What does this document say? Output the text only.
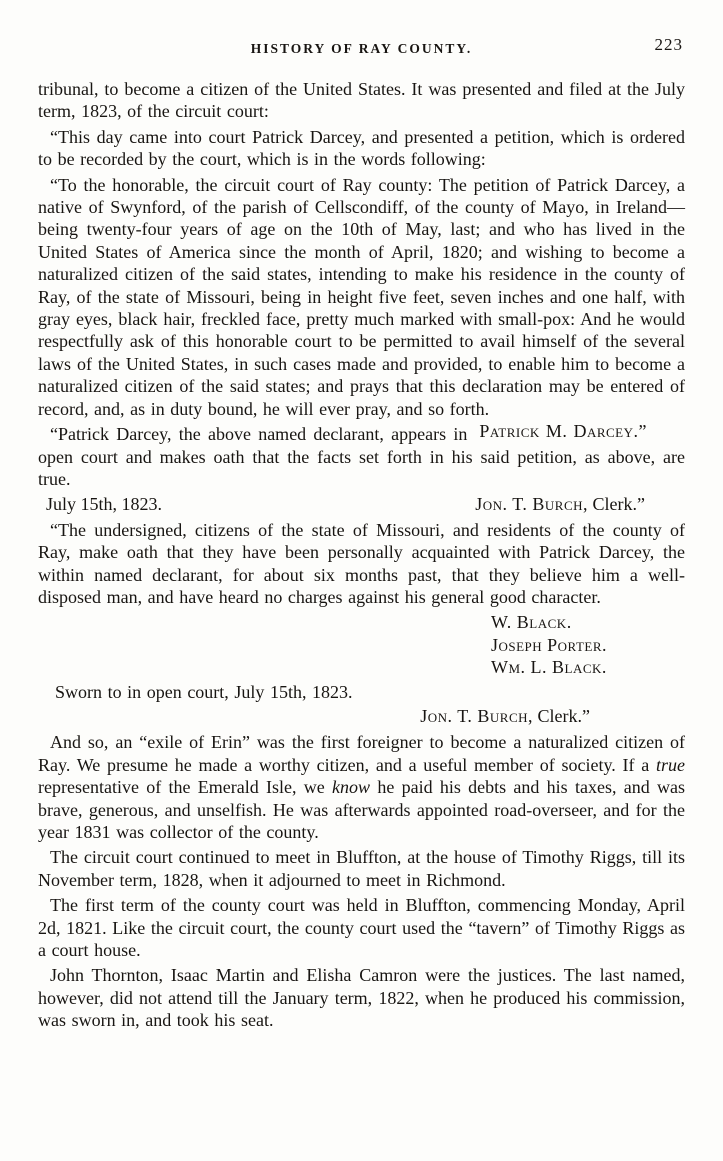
HISTORY OF RAY COUNTY.	223

tribunal, to become a citizen of the United States. It was presented and filed at the July term, 1823, of the circuit court:

“This day came into court Patrick Darcey, and presented a petition, which is ordered to be recorded by the court, which is in the words following:

“To the honorable, the circuit court of Ray county: The petition of Patrick Darcey, a native of Swynford, of the parish of Cellscondiff, of the county of Mayo, in Ireland—being twenty-four years of age on the 10th of May, last; and who has lived in the United States of America since the month of April, 1820; and wishing to become a naturalized citizen of the said states, intending to make his residence in the county of Ray, of the state of Missouri, being in height five feet, seven inches and one half, with gray eyes, black hair, freckled face, pretty much marked with small-pox: And he would respectfully ask of this honorable court to be permitted to avail himself of the several laws of the United States, in such cases made and provided, to enable him to become a naturalized citizen of the said states; and prays that this declaration may be entered of record, and, as in duty bound, he will ever pray, and so forth.
Patrick M. Darcey.”

“Patrick Darcey, the above named declarant, appears in open court and makes oath that the facts set forth in his said petition, as above, are true.

July 15th, 1823.	Jon. T. Burch, Clerk.”

“The undersigned, citizens of the state of Missouri, and residents of the county of Ray, make oath that they have been personally acquainted with Patrick Darcey, the within named declarant, for about six months past, that they believe him a well-disposed man, and have heard no charges against his general good character.

W. Black.
Joseph Porter.
Wm. L. Black.

Sworn to in open court, July 15th, 1823.

Jon. T. Burch, Clerk.”

And so, an “exile of Erin” was the first foreigner to become a naturalized citizen of Ray. We presume he made a worthy citizen, and a useful member of society. If a true representative of the Emerald Isle, we know he paid his debts and his taxes, and was brave, generous, and unselfish. He was afterwards appointed road-overseer, and for the year 1831 was collector of the county.

The circuit court continued to meet in Bluffton, at the house of Timothy Riggs, till its November term, 1828, when it adjourned to meet in Richmond.

The first term of the county court was held in Bluffton, commencing Monday, April 2d, 1821. Like the circuit court, the county court used the “tavern” of Timothy Riggs as a court house.

John Thornton, Isaac Martin and Elisha Camron were the justices. The last named, however, did not attend till the January term, 1822, when he produced his commission, was sworn in, and took his seat.
